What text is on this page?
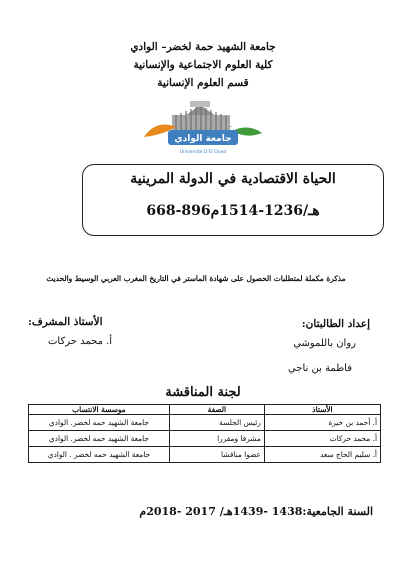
جامعة الشهيد حمة لخضر– الوادي
كلية العلوم الاجتماعية والإنسانية
قسم العلوم الإنسانية
جامعة الوادي
Université D'El Oued
الحياة الاقتصادية في الدولة المرينية
668-896هـ/1236-1514م
مذكرة مكملة لمتطلبات الحصول على شهادة الماستر في التاريخ المغرب العربي الوسيط والحديث
إعداد الطالبتان:
الأستاذ المشرف:
روان باللموشي
أ. محمد حركات
فاطمة بن ناجي
لجنة المناقشة
الأستاذ	الصفة	موسسة الانتساب
أ. أحمد بن خيرة	رئيس الجلسة	جامعة الشهيد حمه لخضر. الوادي
أ. محمد حركات	مشرفا ومقررا	جامعة الشهيد حمه لخضر. الوادي
أ. سليم الحاج سعد	عضوا مناقشا	جامعة الشهيد حمه لخضر . الوادي
السنة الجامعية:1438 -1439هـ/ 2017 -2018م
